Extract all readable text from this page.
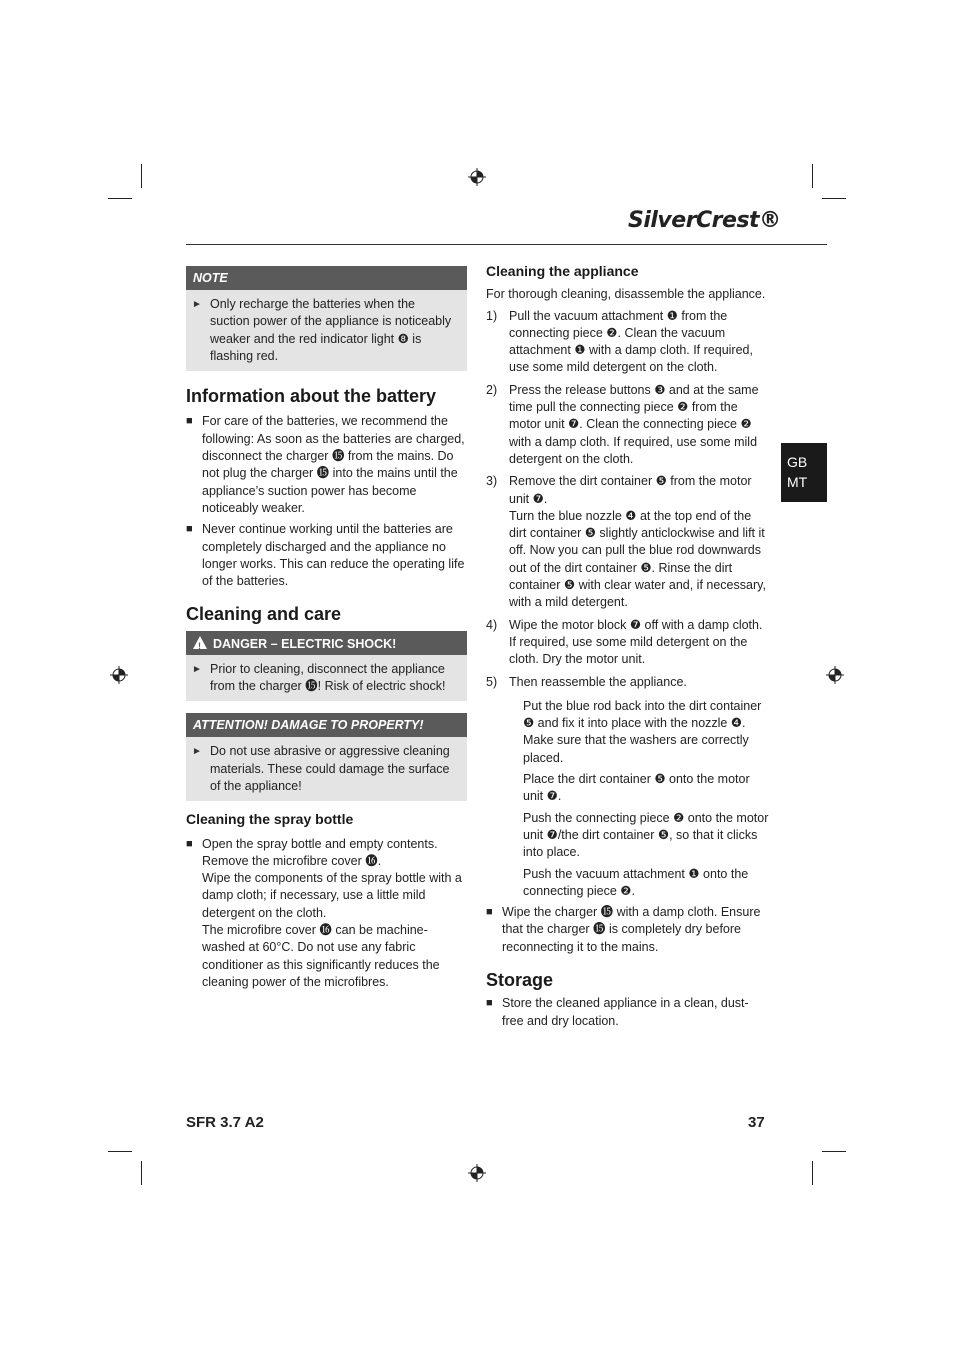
SilverCrest®
GB
MT
NOTE
► Only recharge the batteries when the suction power of the appliance is noticeably weaker and the red indicator light ❽ is flashing red.

Information about the battery
■ For care of the batteries, we recommend the following: As soon as the batteries are charged, disconnect the charger ⓯ from the mains. Do not plug the charger ⓯ into the mains until the appliance’s suction power has become noticeably weaker.

■ Never continue working until the batteries are completely discharged and the appliance no longer works. This can reduce the operating life of the batteries.

Cleaning and care
!DANGER – ELECTRIC SHOCK!
► Prior to cleaning, disconnect the appliance from the charger ⓯! Risk of electric shock!

ATTENTION! DAMAGE TO PROPERTY!
► Do not use abrasive or aggressive cleaning materials. These could damage the surface of the appliance!

Cleaning the spray bottle
■ Open the spray bottle and empty contents. Remove the microfibre cover ⓰.

Wipe the components of the spray bottle with a damp cloth; if necessary, use a little mild detergent on the cloth.

The microfibre cover ⓰ can be machine-washed at 60°C. Do not use any fabric conditioner as this significantly reduces the cleaning power of the microfibres.

Cleaning the appliance

For thorough cleaning, disassemble the appliance.

1) Pull the vacuum attachment ❶ from the connecting piece ❷. Clean the vacuum attachment ❶ with a damp cloth. If required, use some mild detergent on the cloth.

2) Press the release buttons ❸ and at the same time pull the connecting piece ❷ from the motor unit ❼. Clean the connecting piece ❷ with a damp cloth. If required, use some mild detergent on the cloth.

3) Remove the dirt container ❺ from the motor unit ❼.

Turn the blue nozzle ❹ at the top end of the dirt container ❺ slightly anticlockwise and lift it off. Now you can pull the blue rod downwards out of the dirt container ❺. Rinse the dirt container ❺ with clear water and, if necessary, with a mild detergent.

4) Wipe the motor block ❼ off with a damp cloth. If required, use some mild detergent on the cloth. Dry the motor unit.

5) Then reassemble the appliance.

Put the blue rod back into the dirt container ❺ and fix it into place with the nozzle ❹. Make sure that the washers are correctly placed.

Place the dirt container ❺ onto the motor unit ❼.

Push the connecting piece ❷ onto the motor unit ❼/the dirt container ❺, so that it clicks into place.

Push the vacuum attachment ❶ onto the connecting piece ❷.

■ Wipe the charger ⓯ with a damp cloth. Ensure that the charger ⓯ is completely dry before reconnecting it to the mains.

Storage
■ Store the cleaned appliance in a clean, dust-free and dry location.

SFR 3.7 A2	37
